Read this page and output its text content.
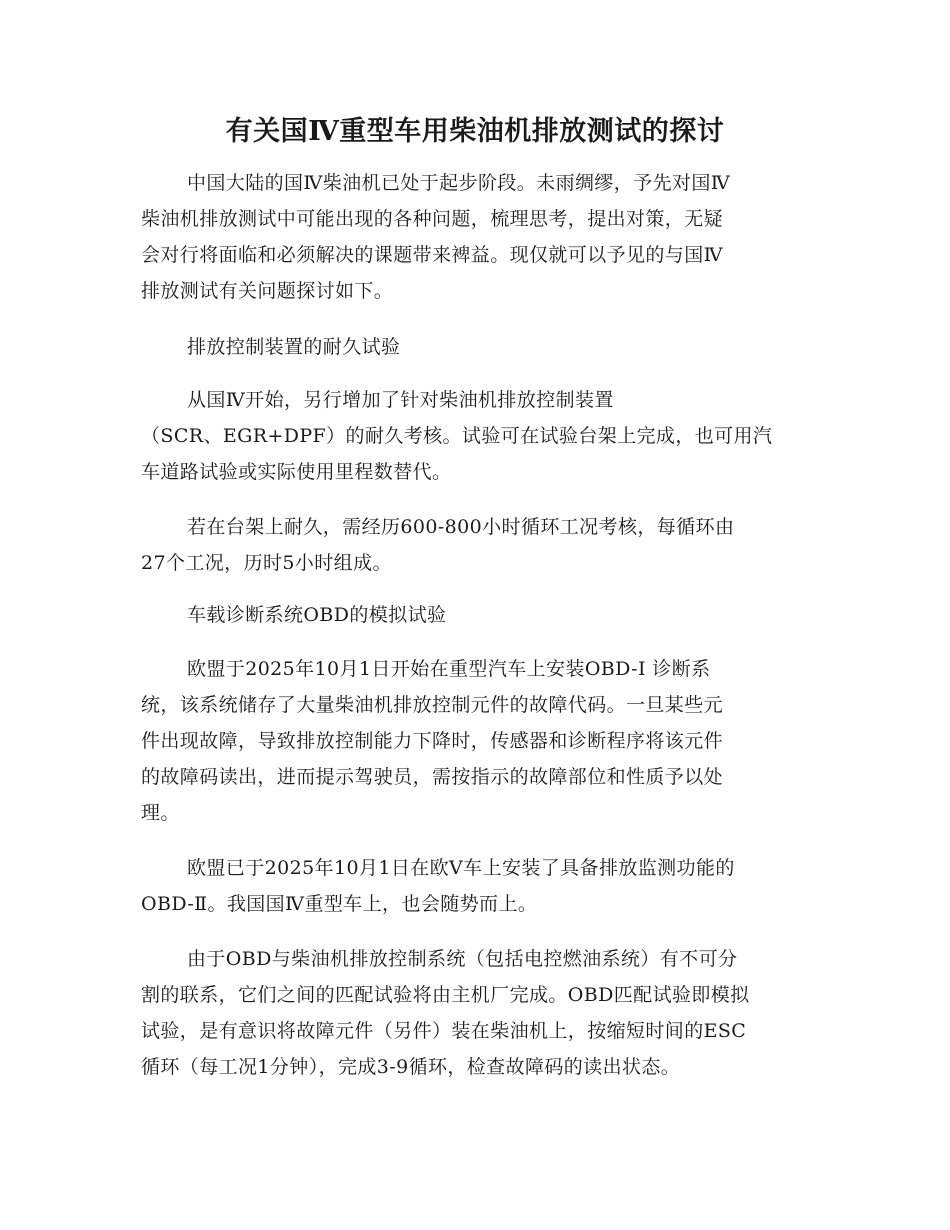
有关国Ⅳ重型车用柴油机排放测试的探讨
中国大陆的国Ⅳ柴油机已处于起步阶段。未雨绸缪，予先对国Ⅳ
柴油机排放测试中可能出现的各种问题，梳理思考，提出对策，无疑
会对行将面临和必须解决的课题带来裨益。现仅就可以予见的与国Ⅳ
排放测试有关问题探讨如下。
排放控制装置的耐久试验
从国Ⅳ开始，另行增加了针对柴油机排放控制装置
（SCR、EGR+DPF）的耐久考核。试验可在试验台架上完成，也可用汽
车道路试验或实际使用里程数替代。
若在台架上耐久，需经历600-800小时循环工况考核，每循环由
27个工况，历时5小时组成。
车载诊断系统OBD的模拟试验
欧盟于2025年10月1日开始在重型汽车上安装OBD-Ⅰ 诊断系
统，该系统储存了大量柴油机排放控制元件的故障代码。一旦某些元
件出现故障，导致排放控制能力下降时，传感器和诊断程序将该元件
的故障码读出，进而提示驾驶员，需按指示的故障部位和性质予以处
理。
欧盟已于2025年10月1日在欧Ⅴ车上安装了具备排放监测功能的
OBD-Ⅱ。我国国Ⅳ重型车上，也会随势而上。
由于OBD与柴油机排放控制系统（包括电控燃油系统）有不可分
割的联系，它们之间的匹配试验将由主机厂完成。OBD匹配试验即模拟
试验，是有意识将故障元件（另件）装在柴油机上，按缩短时间的ESC
循环（每工况1分钟），完成3-9循环，检查故障码的读出状态。
